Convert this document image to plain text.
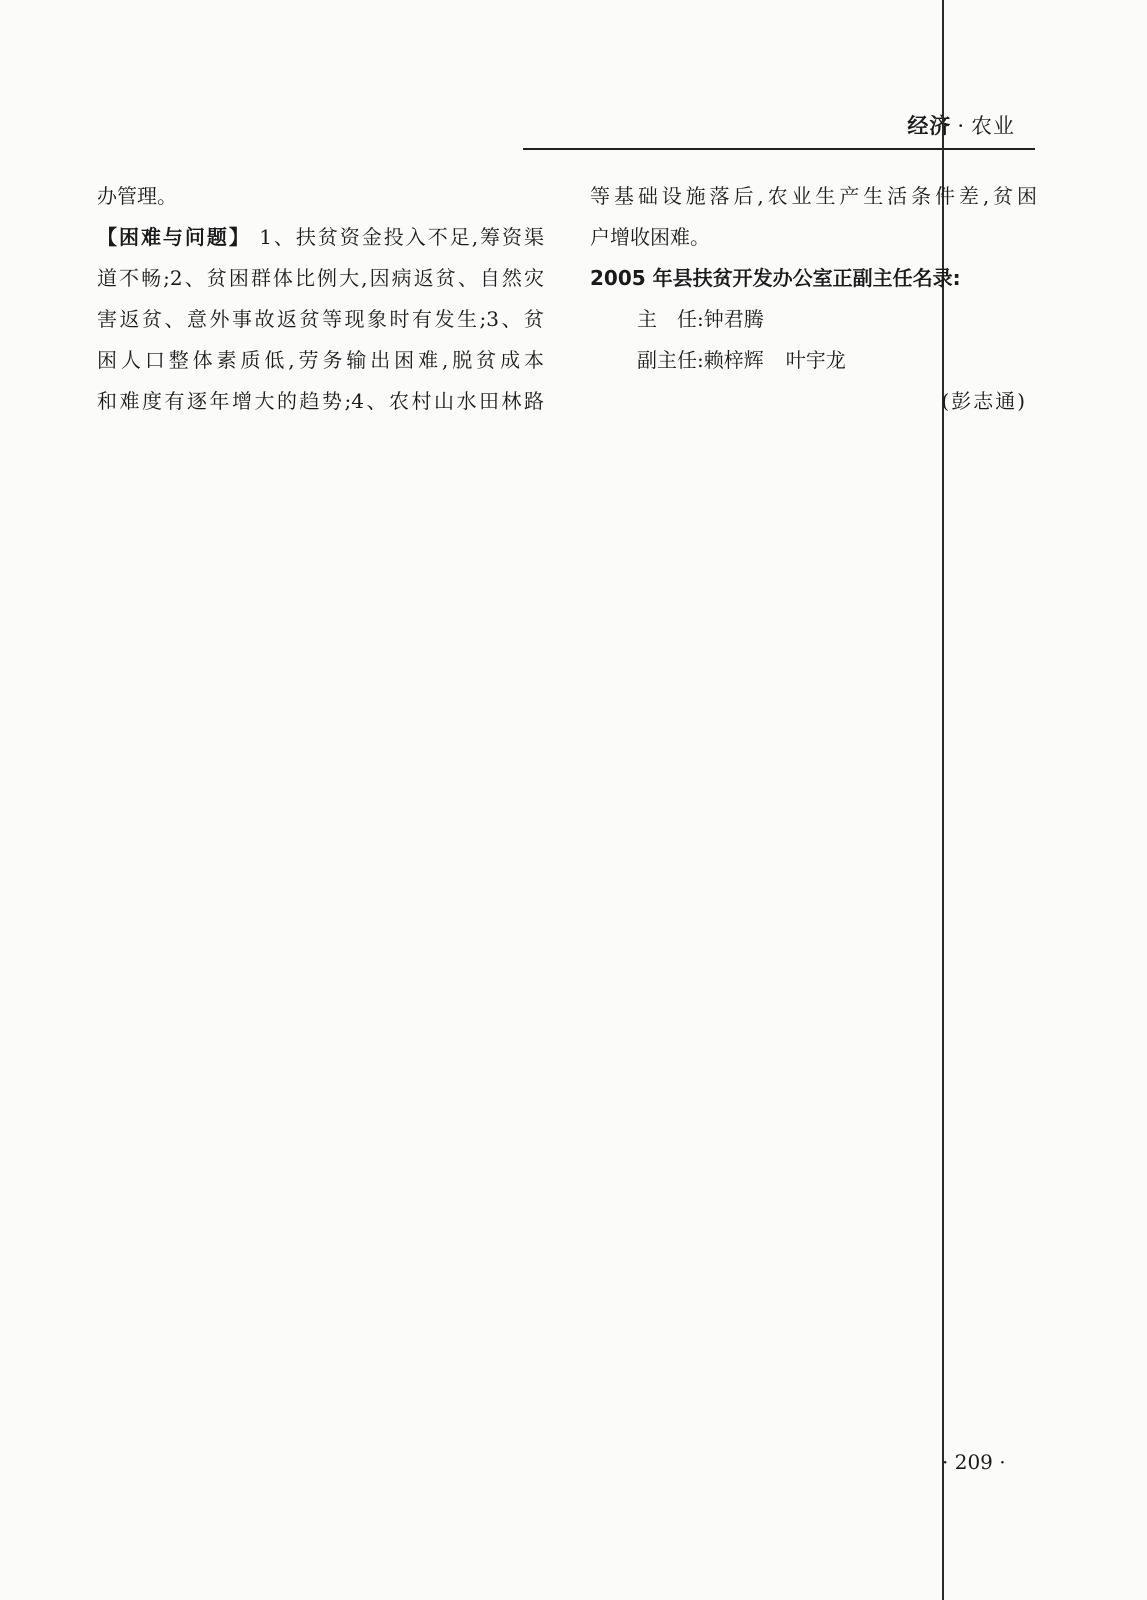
经济 · 农业
办管理。
【困难与问题】 1、扶贫资金投入不足,筹资渠
道不畅;2、贫困群体比例大,因病返贫、自然灾
害返贫、意外事故返贫等现象时有发生;3、贫
困人口整体素质低,劳务输出困难,脱贫成本
和难度有逐年增大的趋势;4、农村山水田林路
等基础设施落后,农业生产生活条件差,贫困
户增收困难。
2005 年县扶贫开发办公室正副主任名录:
主　任:钟君腾
副主任:赖梓辉 叶宇龙
(彭志通)
· 209 ·
